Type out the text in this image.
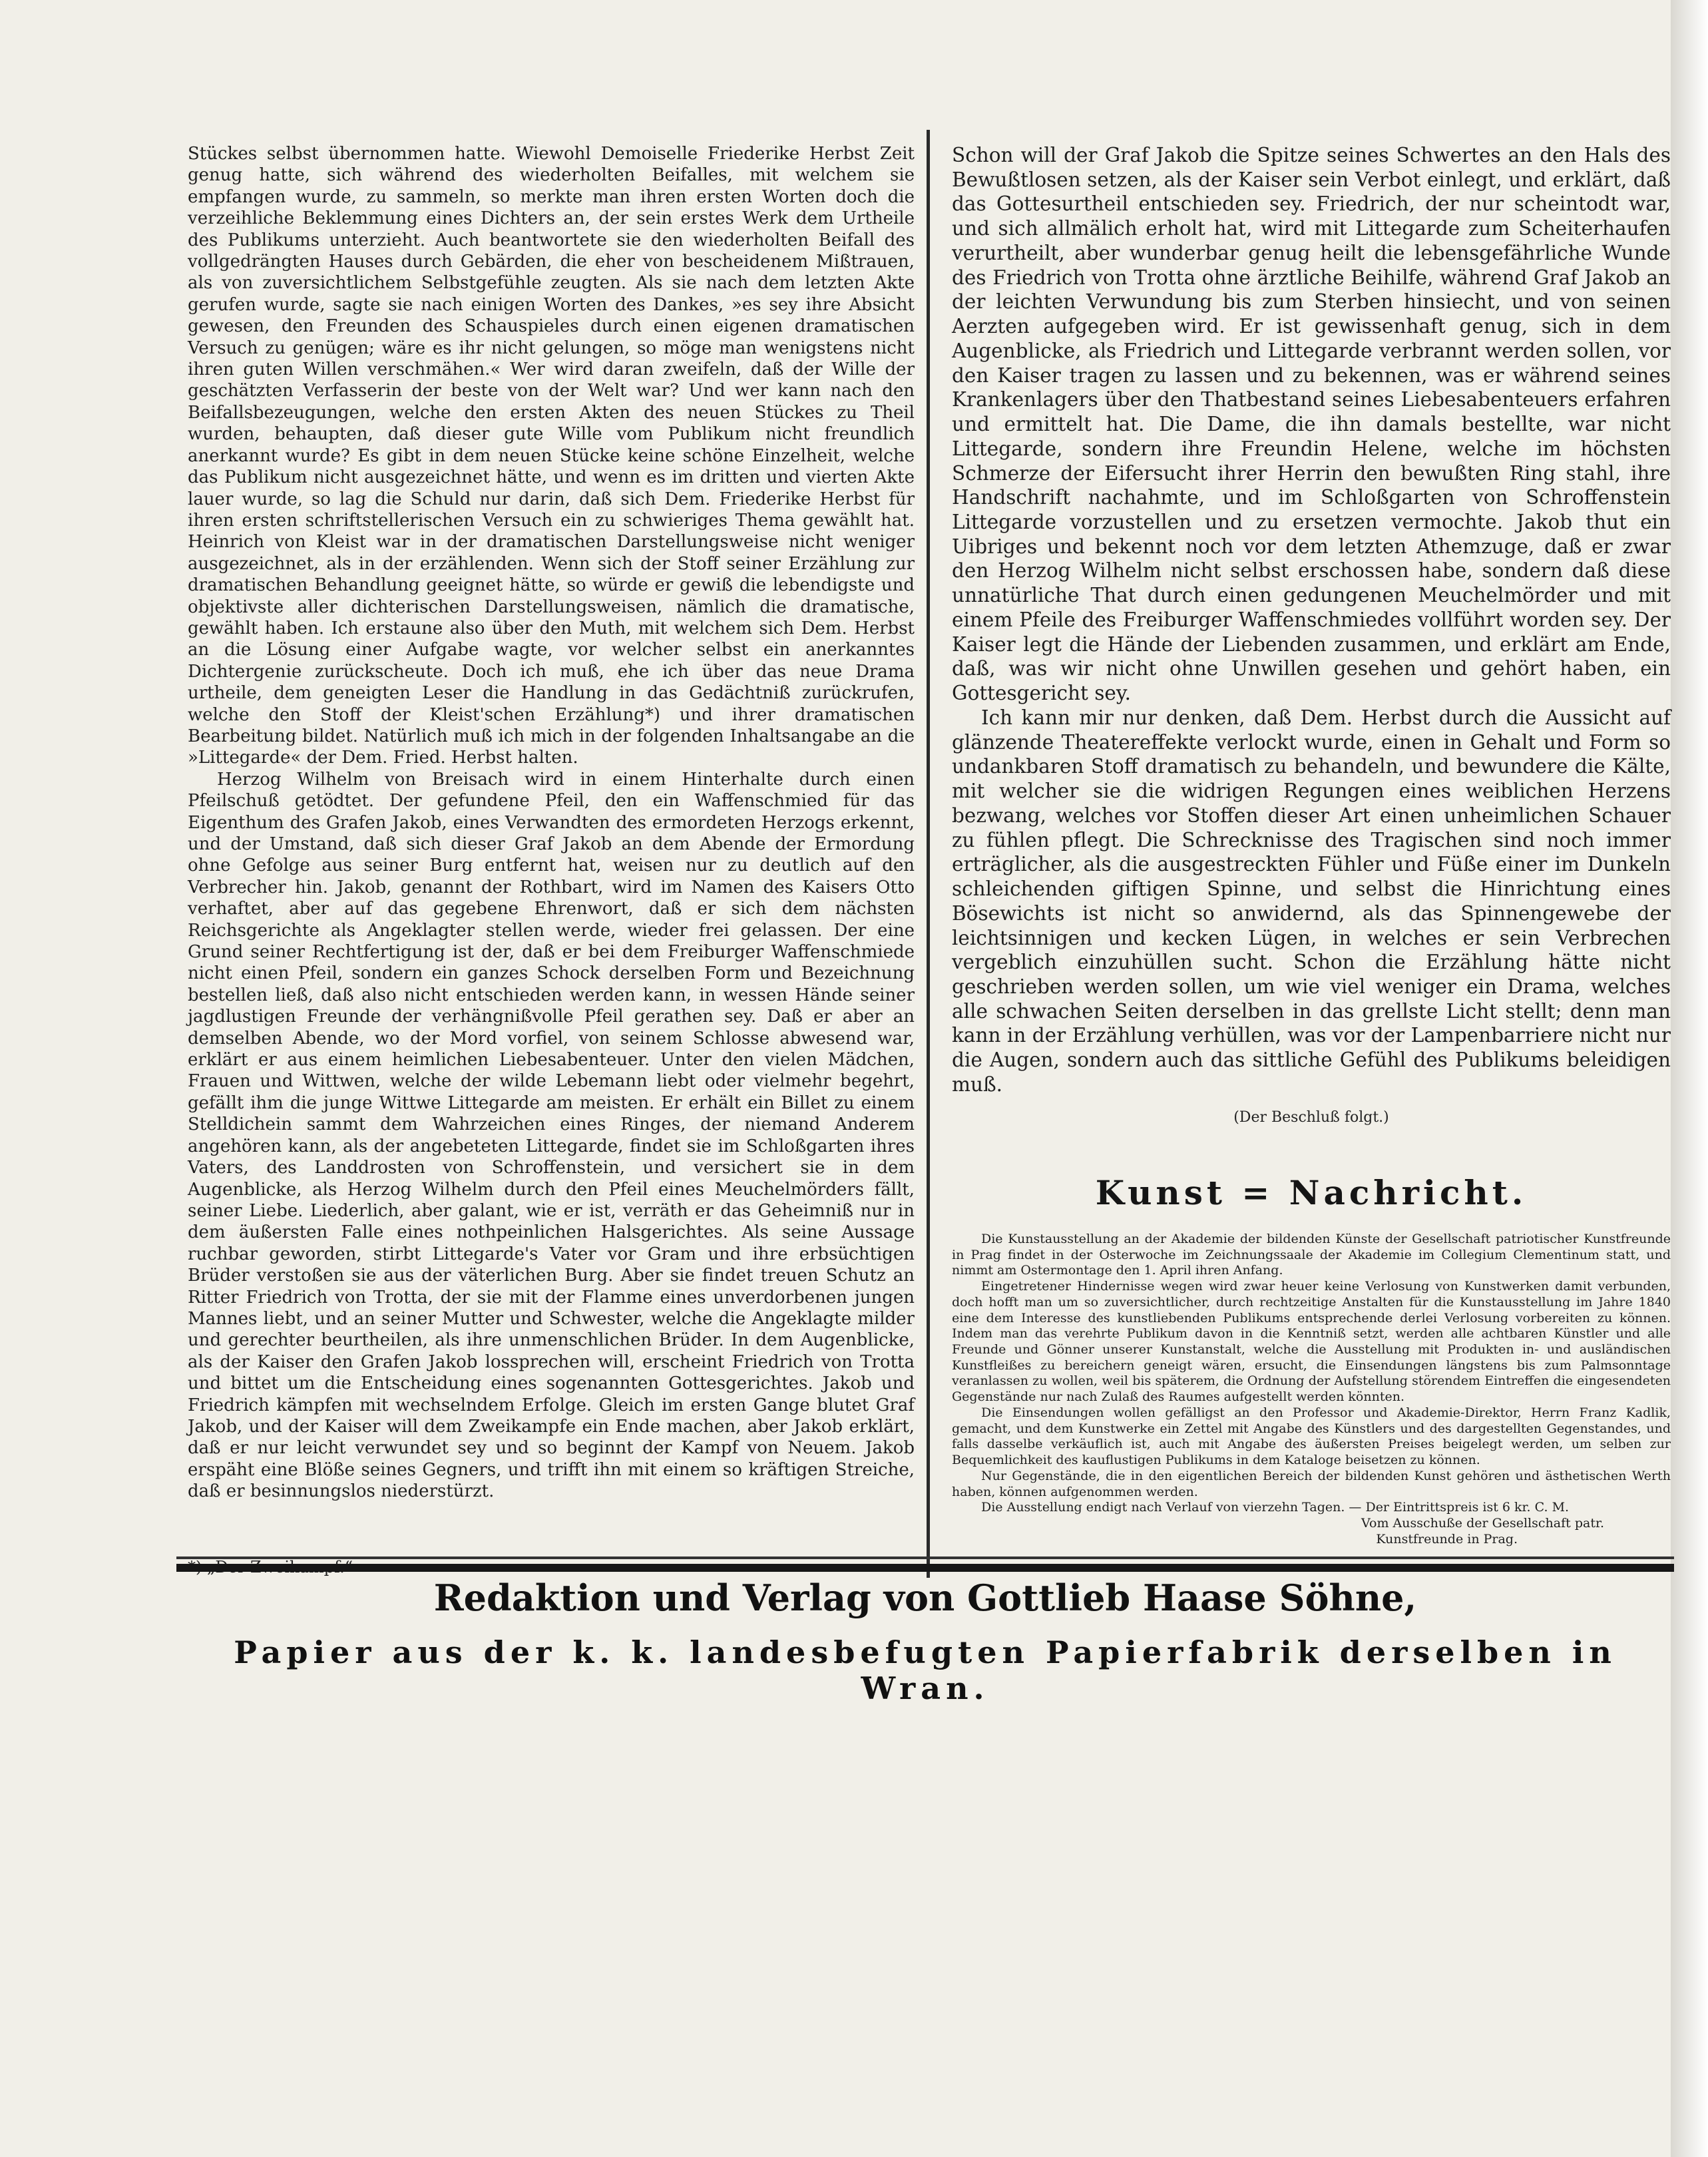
Stückes selbst übernommen hatte. Wiewohl Demoiselle Friederike Herbst Zeit genug hatte, sich während des wiederholten Beifalles, mit welchem sie empfangen wurde, zu sammeln, so merkte man ihren ersten Worten doch die verzeihliche Beklemmung eines Dichters an, der sein erstes Werk dem Urtheile des Publikums unterzieht. Auch beantwortete sie den wiederholten Beifall des vollgedrängten Hauses durch Gebärden, die eher von bescheidenem Mißtrauen, als von zuversichtlichem Selbstgefühle zeugten. Als sie nach dem letzten Akte gerufen wurde, sagte sie nach einigen Worten des Dankes, »es sey ihre Absicht gewesen, den Freunden des Schauspieles durch einen eigenen dramatischen Versuch zu genügen; wäre es ihr nicht gelungen, so möge man wenigstens nicht ihren guten Willen verschmähen.« Wer wird daran zweifeln, daß der Wille der geschätzten Verfasserin der beste von der Welt war? Und wer kann nach den Beifallsbezeugungen, welche den ersten Akten des neuen Stückes zu Theil wurden, behaupten, daß dieser gute Wille vom Publikum nicht freundlich anerkannt wurde? Es gibt in dem neuen Stücke keine schöne Einzelheit, welche das Publikum nicht ausgezeichnet hätte, und wenn es im dritten und vierten Akte lauer wurde, so lag die Schuld nur darin, daß sich Dem. Friederike Herbst für ihren ersten schriftstellerischen Versuch ein zu schwieriges Thema gewählt hat. Heinrich von Kleist war in der dramatischen Darstellungsweise nicht weniger ausgezeichnet, als in der erzählenden. Wenn sich der Stoff seiner Erzählung zur dramatischen Behandlung geeignet hätte, so würde er gewiß die lebendigste und objektivste aller dichterischen Darstellungsweisen, nämlich die dramatische, gewählt haben. Ich erstaune also über den Muth, mit welchem sich Dem. Herbst an die Lösung einer Aufgabe wagte, vor welcher selbst ein anerkanntes Dichtergenie zurückscheute. Doch ich muß, ehe ich über das neue Drama urtheile, dem geneigten Leser die Handlung in das Gedächtniß zurückrufen, welche den Stoff der Kleist'schen Erzählung*) und ihrer dramatischen Bearbeitung bildet. Natürlich muß ich mich in der folgenden Inhaltsangabe an die »Littegarde« der Dem. Fried. Herbst halten.

Herzog Wilhelm von Breisach wird in einem Hinterhalte durch einen Pfeilschuß getödtet. Der gefundene Pfeil, den ein Waffenschmied für das Eigenthum des Grafen Jakob, eines Verwandten des ermordeten Herzogs erkennt, und der Umstand, daß sich dieser Graf Jakob an dem Abende der Ermordung ohne Gefolge aus seiner Burg entfernt hat, weisen nur zu deutlich auf den Verbrecher hin. Jakob, genannt der Rothbart, wird im Namen des Kaisers Otto verhaftet, aber auf das gegebene Ehrenwort, daß er sich dem nächsten Reichsgerichte als Angeklagter stellen werde, wieder frei gelassen. Der eine Grund seiner Rechtfertigung ist der, daß er bei dem Freiburger Waffenschmiede nicht einen Pfeil, sondern ein ganzes Schock derselben Form und Bezeichnung bestellen ließ, daß also nicht entschieden werden kann, in wessen Hände seiner jagdlustigen Freunde der verhängnißvolle Pfeil gerathen sey. Daß er aber an demselben Abende, wo der Mord vorfiel, von seinem Schlosse abwesend war, erklärt er aus einem heimlichen Liebesabenteuer. Unter den vielen Mädchen, Frauen und Wittwen, welche der wilde Lebemann liebt oder vielmehr begehrt, gefällt ihm die junge Wittwe Littegarde am meisten. Er erhält ein Billet zu einem Stelldichein sammt dem Wahrzeichen eines Ringes, der niemand Anderem angehören kann, als der angebeteten Littegarde, findet sie im Schloßgarten ihres Vaters, des Landdrosten von Schroffenstein, und versichert sie in dem Augenblicke, als Herzog Wilhelm durch den Pfeil eines Meuchelmörders fällt, seiner Liebe. Liederlich, aber galant, wie er ist, verräth er das Geheimniß nur in dem äußersten Falle eines nothpeinlichen Halsgerichtes. Als seine Aussage ruchbar geworden, stirbt Littegarde's Vater vor Gram und ihre erbsüchtigen Brüder verstoßen sie aus der väterlichen Burg. Aber sie findet treuen Schutz an Ritter Friedrich von Trotta, der sie mit der Flamme eines unverdorbenen jungen Mannes liebt, und an seiner Mutter und Schwester, welche die Angeklagte milder und gerechter beurtheilen, als ihre unmenschlichen Brüder. In dem Augenblicke, als der Kaiser den Grafen Jakob lossprechen will, erscheint Friedrich von Trotta und bittet um die Entscheidung eines sogenannten Gottesgerichtes. Jakob und Friedrich kämpfen mit wechselndem Erfolge. Gleich im ersten Gange blutet Graf Jakob, und der Kaiser will dem Zweikampfe ein Ende machen, aber Jakob erklärt, daß er nur leicht verwundet sey und so beginnt der Kampf von Neuem. Jakob erspäht eine Blöße seines Gegners, und trifft ihn mit einem so kräftigen Streiche, daß er besinnungslos niederstürzt.

Schon will der Graf Jakob die Spitze seines Schwertes an den Hals des Bewußtlosen setzen, als der Kaiser sein Verbot einlegt, und erklärt, daß das Gottesurtheil entschieden sey. Friedrich, der nur scheintodt war, und sich allmälich erholt hat, wird mit Littegarde zum Scheiterhaufen verurtheilt, aber wunderbar genug heilt die lebensgefährliche Wunde des Friedrich von Trotta ohne ärztliche Beihilfe, während Graf Jakob an der leichten Verwundung bis zum Sterben hinsiecht, und von seinen Aerzten aufgegeben wird. Er ist gewissenhaft genug, sich in dem Augenblicke, als Friedrich und Littegarde verbrannt werden sollen, vor den Kaiser tragen zu lassen und zu bekennen, was er während seines Krankenlagers über den Thatbestand seines Liebesabenteuers erfahren und ermittelt hat. Die Dame, die ihn damals bestellte, war nicht Littegarde, sondern ihre Freundin Helene, welche im höchsten Schmerze der Eifersucht ihrer Herrin den bewußten Ring stahl, ihre Handschrift nachahmte, und im Schloßgarten von Schroffenstein Littegarde vorzustellen und zu ersetzen vermochte. Jakob thut ein Uibriges und bekennt noch vor dem letzten Athemzuge, daß er zwar den Herzog Wilhelm nicht selbst erschossen habe, sondern daß diese unnatürliche That durch einen gedungenen Meuchelmörder und mit einem Pfeile des Freiburger Waffenschmiedes vollführt worden sey. Der Kaiser legt die Hände der Liebenden zusammen, und erklärt am Ende, daß, was wir nicht ohne Unwillen gesehen und gehört haben, ein Gottesgericht sey.

Ich kann mir nur denken, daß Dem. Herbst durch die Aussicht auf glänzende Theatereffekte verlockt wurde, einen in Gehalt und Form so undankbaren Stoff dramatisch zu behandeln, und bewundere die Kälte, mit welcher sie die widrigen Regungen eines weiblichen Herzens bezwang, welches vor Stoffen dieser Art einen unheimlichen Schauer zu fühlen pflegt. Die Schrecknisse des Tragischen sind noch immer erträglicher, als die ausgestreckten Fühler und Füße einer im Dunkeln schleichenden giftigen Spinne, und selbst die Hinrichtung eines Bösewichts ist nicht so anwidernd, als das Spinnengewebe der leichtsinnigen und kecken Lügen, in welches er sein Verbrechen vergeblich einzuhüllen sucht. Schon die Erzählung hätte nicht geschrieben werden sollen, um wie viel weniger ein Drama, welches alle schwachen Seiten derselben in das grellste Licht stellt; denn man kann in der Erzählung verhüllen, was vor der Lampenbarriere nicht nur die Augen, sondern auch das sittliche Gefühl des Publikums beleidigen muß.

(Der Beschluß folgt.)
Kunst = Nachricht.

Die Kunstausstellung an der Akademie der bildenden Künste der Gesellschaft patriotischer Kunstfreunde in Prag findet in der Osterwoche im Zeichnungssaale der Akademie im Collegium Clementinum statt, und nimmt am Ostermontage den 1. April ihren Anfang.

Eingetretener Hindernisse wegen wird zwar heuer keine Verlosung von Kunstwerken damit verbunden, doch hofft man um so zuversichtlicher, durch rechtzeitige Anstalten für die Kunstausstellung im Jahre 1840 eine dem Interesse des kunstliebenden Publikums entsprechende derlei Verlosung vorbereiten zu können. Indem man das verehrte Publikum davon in die Kenntniß setzt, werden alle achtbaren Künstler und alle Freunde und Gönner unserer Kunstanstalt, welche die Ausstellung mit Produkten in- und ausländischen Kunstfleißes zu bereichern geneigt wären, ersucht, die Einsendungen längstens bis zum Palmsonntage veranlassen zu wollen, weil bis späterem, die Ordnung der Aufstellung störendem Eintreffen die eingesendeten Gegenstände nur nach Zulaß des Raumes aufgestellt werden könnten.

Die Einsendungen wollen gefälligst an den Professor und Akademie-Direktor, Herrn Franz Kadlik, gemacht, und dem Kunstwerke ein Zettel mit Angabe des Künstlers und des dargestellten Gegenstandes, und falls dasselbe verkäuflich ist, auch mit Angabe des äußersten Preises beigelegt werden, um selben zur Bequemlichkeit des kauflustigen Publikums in dem Kataloge beisetzen zu können.

Nur Gegenstände, die in den eigentlichen Bereich der bildenden Kunst gehören und ästhetischen Werth haben, können aufgenommen werden.

Die Ausstellung endigt nach Verlauf von vierzehn Tagen. — Der Eintrittspreis ist 6 kr. C. M.

Vom Ausschuße der Gesellschaft patr.

Kunstfreunde in Prag.

Redaktion und Verlag von Gottlieb Haase Söhne,
Papier aus der k. k. landesbefugten Papierfabrik derselben in Wran.
